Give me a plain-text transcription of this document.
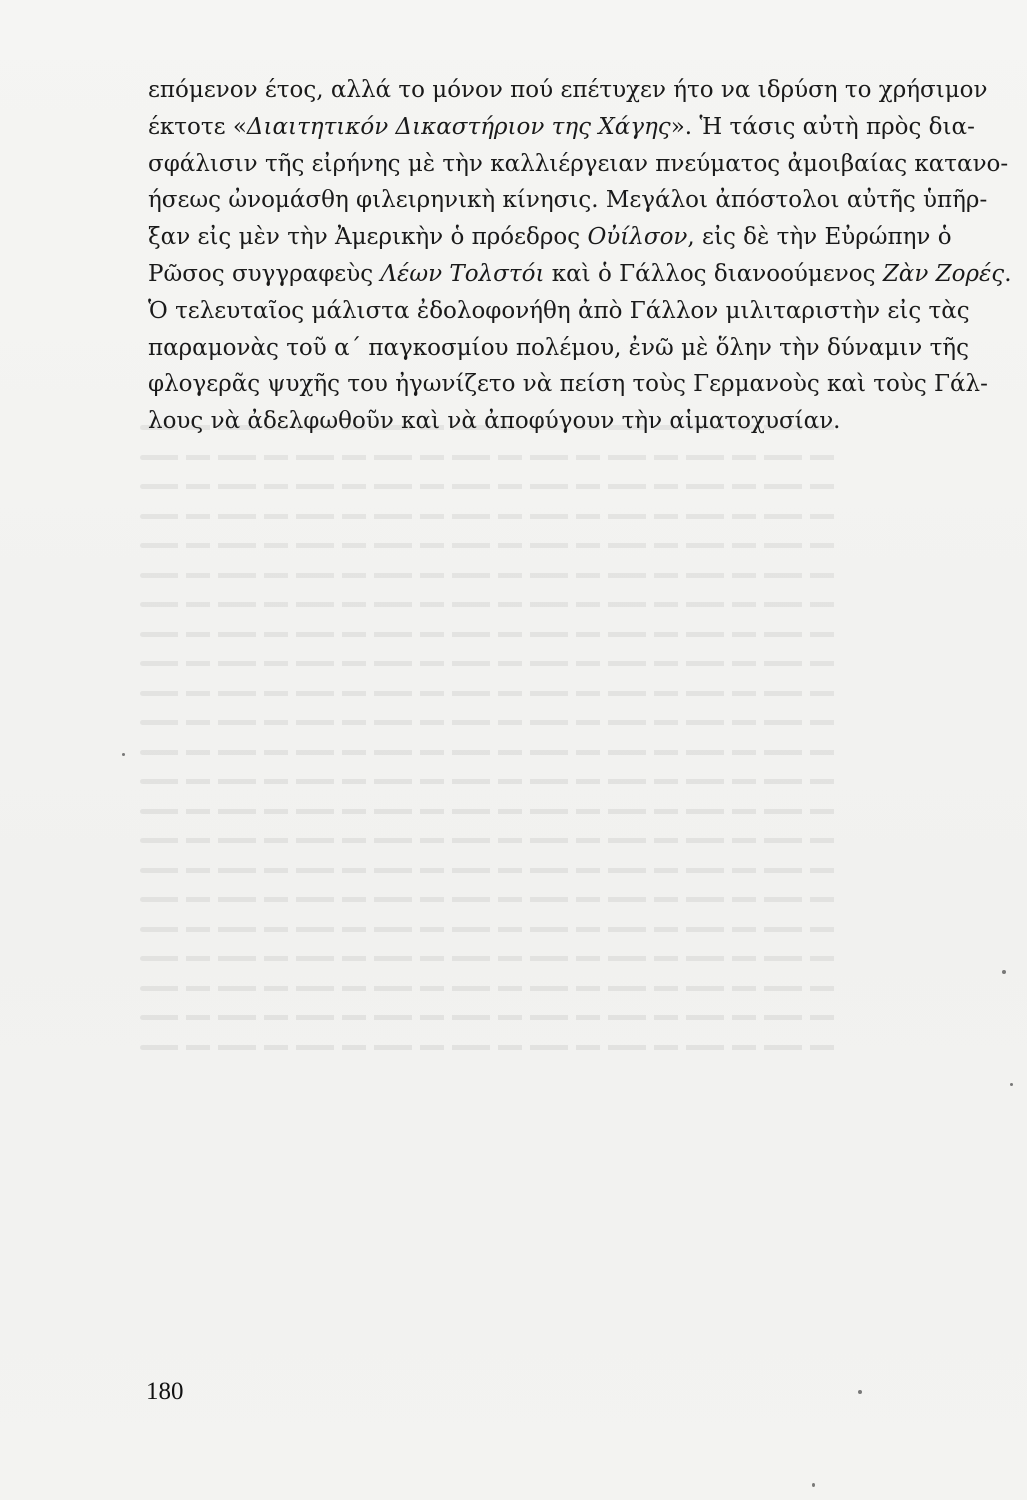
επόμενον έτος, αλλά το μόνον πού επέτυχεν ήτο να ιδρύση το χρήσιμον
έκτοτε «Διαιτητικόν Δικαστήριον της Χάγης». Ἡ τάσις αὐτὴ πρὸς δια-
σφάλισιν τῆς εἰρήνης μὲ τὴν καλλιέργειαν πνεύματος ἀμοιβαίας κατανο-
ήσεως ὠνομάσθη φιλειρηνικὴ κίνησις. Μεγάλοι ἀπόστολοι αὐτῆς ὑπῆρ-
ξαν εἰς μὲν τὴν Ἀμερικὴν ὁ πρόεδρος Οὐίλσον, εἰς δὲ τὴν Εὐρώπην ὁ
Ρῶσος συγγραφεὺς Λέων Τολστόι καὶ ὁ Γάλλος διανοούμενος Ζὰν Ζορές.
Ὁ τελευταῖος μάλιστα ἐδολοφονήθη ἀπὸ Γάλλον μιλιταριστὴν εἰς τὰς
παραμονὰς τοῦ α΄ παγκοσμίου πολέμου, ἐνῶ μὲ ὅλην τὴν δύναμιν τῆς
φλογερᾶς ψυχῆς του ἠγωνίζετο νὰ πείση τοὺς Γερμανοὺς καὶ τοὺς Γάλ-
λους νὰ ἀδελφωθοῦν καὶ νὰ ἀποφύγουν τὴν αἱματοχυσίαν.
180
